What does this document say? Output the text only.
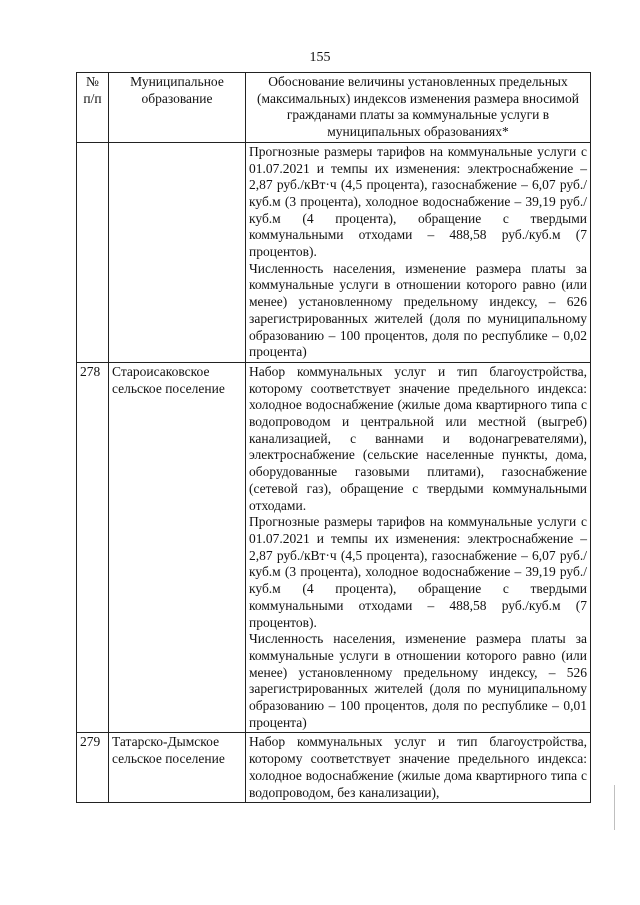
155
№ п/п	Муниципальное образование	Обоснование величины установленных предельных (максимальных) индексов изменения размера вносимой гражданами платы за коммунальные услуги в муниципальных образованиях*

		Прогнозные размеры тарифов на коммунальные услуги с 01.07.2021 и темпы их изменения: электроснабжение – 2,87 руб./кВт·ч (4,5 процента), газоснабжение – 6,07 руб./куб.м (3 процента), холодное водоснабжение – 39,19 руб./куб.м (4 процента), обращение с твердыми коммунальными отходами – 488,58 руб./куб.м (7 процентов).

Численность населения, изменение размера платы за коммунальные услуги в отношении которого равно (или менее) установленному предельному индексу, – 626 зарегистрированных жителей (доля по муниципальному образованию – 100 процентов, доля по республике – 0,02 процента)

278	Староисаковское сельское поселение	Набор коммунальных услуг и тип благоустройства, которому соответствует значение предельного индекса: холодное водоснабжение (жилые дома квартирного типа с водопроводом и центральной или местной (выгреб) канализацией, с ваннами и водонагревателями), электроснабжение (сельские населенные пункты, дома, оборудованные газовыми плитами), газоснабжение (сетевой газ), обращение с твердыми коммунальными отходами.

Прогнозные размеры тарифов на коммунальные услуги с 01.07.2021 и темпы их изменения: электроснабжение – 2,87 руб./кВт·ч (4,5 процента), газоснабжение – 6,07 руб./куб.м (3 процента), холодное водоснабжение – 39,19 руб./куб.м (4 процента), обращение с твердыми коммунальными отходами – 488,58 руб./куб.м (7 процентов).

Численность населения, изменение размера платы за коммунальные услуги в отношении которого равно (или менее) установленному предельному индексу, – 526 зарегистрированных жителей (доля по муниципальному образованию – 100 процентов, доля по республике – 0,01 процента)

279	Татарско-Дымское сельское поселение	Набор коммунальных услуг и тип благоустройства, которому соответствует значение предельного индекса: холодное водоснабжение (жилые дома квартирного типа с водопроводом, без канализации),
